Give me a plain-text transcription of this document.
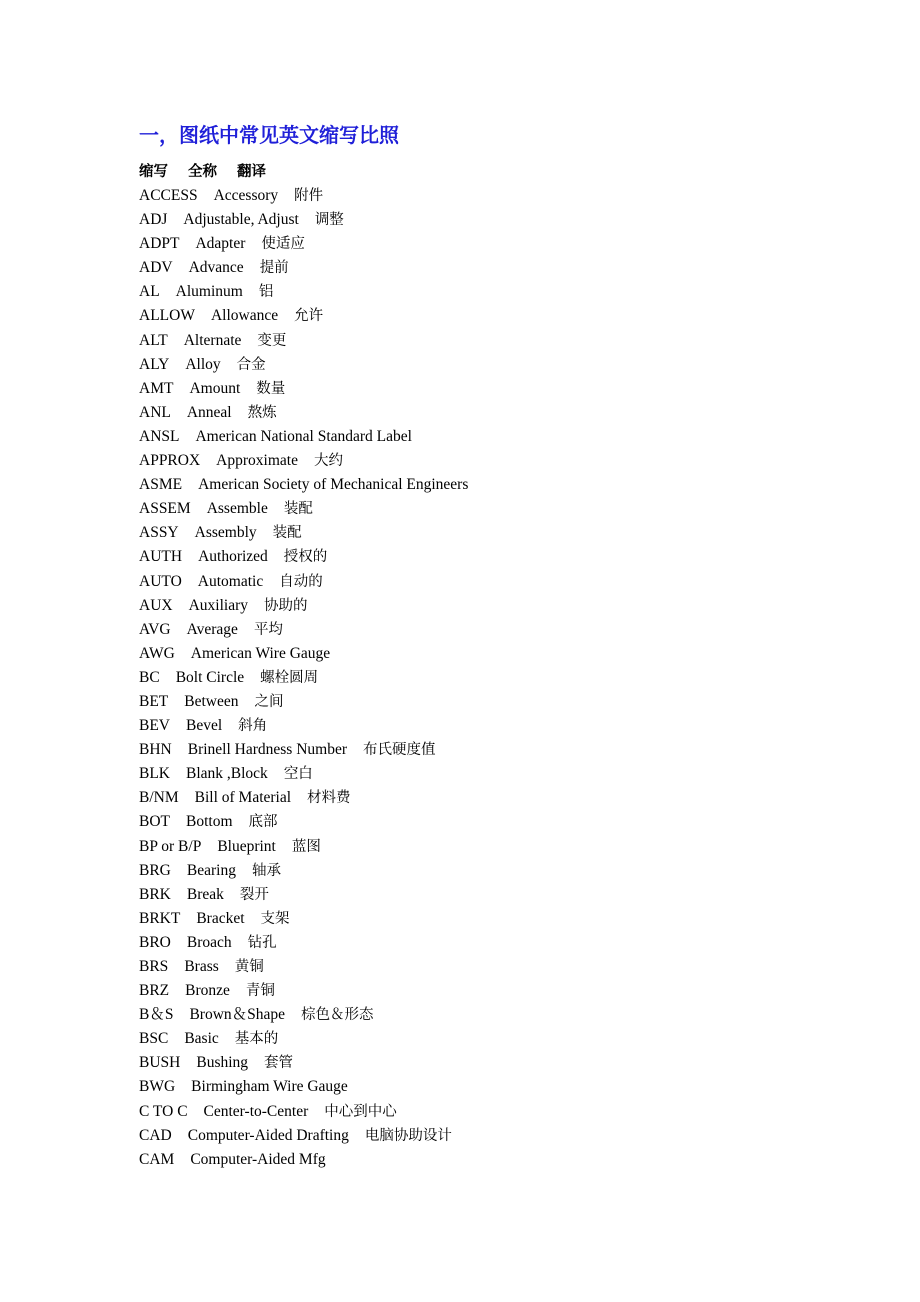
一，图纸中常见英文缩写比照
缩写 全称 翻译
ACCESS Accessory 附件
ADJ Adjustable, Adjust 调整
ADPT Adapter 使适应
ADV Advance 提前
AL Aluminum 铝
ALLOW Allowance 允许
ALT Alternate 变更
ALY Alloy 合金
AMT Amount 数量
ANL Anneal 熬炼
ANSL American National Standard Label
APPROX Approximate 大约
ASME American Society of Mechanical Engineers
ASSEM Assemble 装配
ASSY Assembly 装配
AUTH Authorized 授权的
AUTO Automatic 自动的
AUX Auxiliary 协助的
AVG Average 平均
AWG American Wire Gauge
BC Bolt Circle 螺栓圆周
BET Between 之间
BEV Bevel 斜角
BHN Brinell Hardness Number 布氏硬度值
BLK Blank ,Block 空白
B/NM Bill of Material 材料费
BOT Bottom 底部
BP or B/P Blueprint 蓝图
BRG Bearing 轴承
BRK Break 裂开
BRKT Bracket 支架
BRO Broach 钻孔
BRS Brass 黄铜
BRZ Bronze 青铜
B＆S Brown＆Shape 棕色＆形态
BSC Basic 基本的
BUSH Bushing 套管
BWG Birmingham Wire Gauge
C TO C Center-to-Center 中心到中心
CAD Computer-Aided Drafting 电脑协助设计
CAM Computer-Aided Mfg
